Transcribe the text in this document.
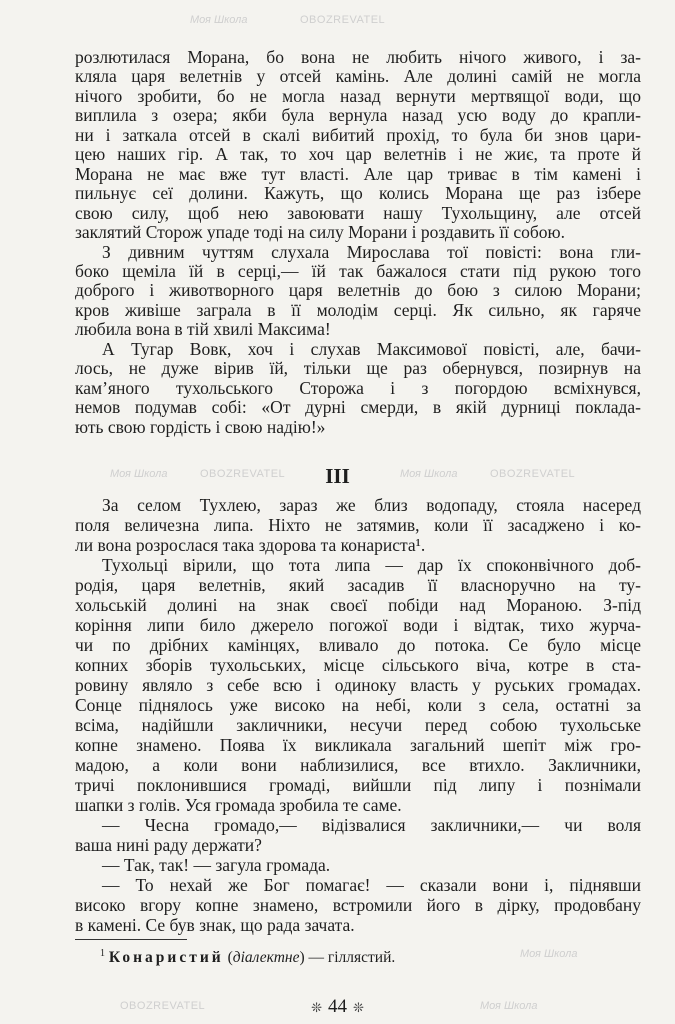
Моя Школа	OBOZREVATEL
Моя Школа	OBOZREVATEL	Моя Школа	OBOZREVATEL
Моя Школа
OBOZREVATEL	Моя Школа
розлютилася Морана, бо вона не любить нічого живого, і за-
кляла царя велетнів у отсей камінь. Але долині самій не могла
нічого зробити, бо не могла назад вернути мертвящої води, що
виплила з озера; якби була вернула назад усю воду до крапли-
ни і заткала отсей в скалі вибитий прохід, то була би знов цари-
цею наших гір. А так, то хоч цар велетнів і не жиє, та проте й
Морана не має вже тут власті. Але цар триває в тім камені і
пильнує сеї долини. Кажуть, що колись Морана ще раз ізбере
свою силу, щоб нею завоювати нашу Тухольщину, але отсей
заклятий Сторож упаде тоді на силу Морани і роздавить її собою.
З дивним чуттям слухала Мирослава тої повісті: вона гли-
боко щеміла їй в серці,— їй так бажалося стати під рукою того
доброго і животворного царя велетнів до бою з силою Морани;
кров живіше заграла в її молодім серці. Як сильно, як гаряче
любила вона в тій хвилі Максима!
А Тугар Вовк, хоч і слухав Максимової повісті, але, бачи-
лось, не дуже вірив їй, тільки ще раз обернувся, позирнув на
кам’яного тухольського Сторожа і з погордою всміхнувся,
немов подумав собі: «От дурні смерди, в якій дурниці поклада-
ють свою гордість і свою надію!»
III
За селом Тухлею, зараз же близ водопаду, стояла насеред
поля величезна липа. Ніхто не затямив, коли її засаджено і ко-
ли вона розрослася така здорова та конариста¹.
Тухольці вірили, що тота липа — дар їх споконвічного доб-
родія, царя велетнів, який засадив її власноручно на ту-
хольській долині на знак своєї побіди над Мораною. З-під
коріння липи било джерело погожої води і відтак, тихо журча-
чи по дрібних камінцях, вливало до потока. Се було місце
копних зборів тухольських, місце сільського віча, котре в ста-
ровину являло з себе всю і одиноку власть у руських громадах.
Сонце піднялось уже високо на небі, коли з села, остатні за
всіма, надійшли закличники, несучи перед собою тухольське
копне знамено. Поява їх викликала загальний шепіт між гро-
мадою, а коли вони наблизилися, все втихло. Закличники,
тричі поклонившися громаді, вийшли під липу і познімали
шапки з голів. Уся громада зробила те саме.
— Чесна громадо,— відізвалися закличники,— чи воля
ваша нині раду держати?
— Так, так! — загула громада.
— То нехай же Бог помагає! — сказали вони і, піднявши
високо вгору копне знамено, встромили його в дірку, продовбану
в камені. Се був знак, що рада зачата.
$^1$ Конаристий (діалектне) — гіллястий.
❊ 44 ❊
